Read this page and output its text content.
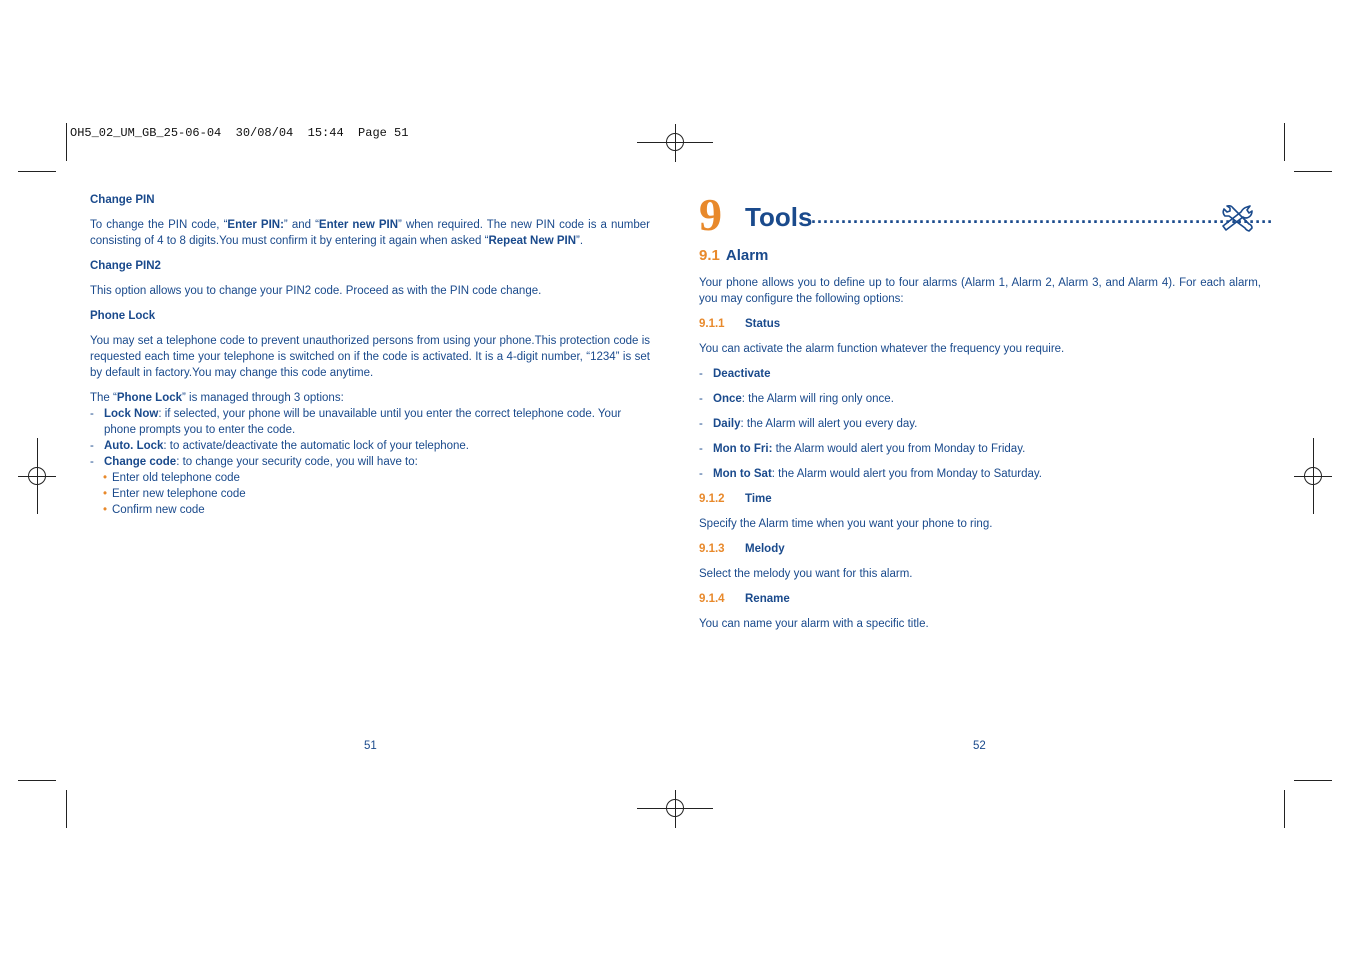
OH5_02_UM_GB_25-06-04  30/08/04  15:44  Page 51
Change PIN
To change the PIN code, “Enter PIN:” and “Enter new PIN” when required. The new PIN code is a number consisting of 4 to 8 digits.You must confirm it by entering it again when asked “Repeat New PIN”.
Change PIN2
This option allows you to change your PIN2 code. Proceed as with the PIN code change.
Phone Lock
You may set a telephone code to prevent unauthorized persons from using your phone.This protection code is requested each time your telephone is switched on if the code is activated. It is a 4-digit number, “1234” is set by default in factory.You may change this code anytime.
The “Phone Lock” is managed through 3 options:
- Lock Now: if selected, your phone will be unavailable until you enter the correct telephone code. Your phone prompts you to enter the code.
- Auto. Lock: to activate/deactivate the automatic lock of your telephone.
- Change code: to change your security code, you will have to:
• Enter old telephone code
• Enter new telephone code
• Confirm new code
51
9 Tools
.............................................................................
9.1 Alarm
Your phone allows you to define up to four alarms (Alarm 1, Alarm 2, Alarm 3, and Alarm 4). For each alarm, you may configure the following options:
9.1.1 Status
You can activate the alarm function whatever the frequency you require.
- Deactivate
- Once: the Alarm will ring only once.
- Daily: the Alarm will alert you every day.
- Mon to Fri: the Alarm would alert you from Monday to Friday.
- Mon to Sat: the Alarm would alert you from Monday to Saturday.
9.1.2 Time
Specify the Alarm time when you want your phone to ring.
9.1.3 Melody
Select the melody you want for this alarm.
9.1.4 Rename
You can name your alarm with a specific title.
52
